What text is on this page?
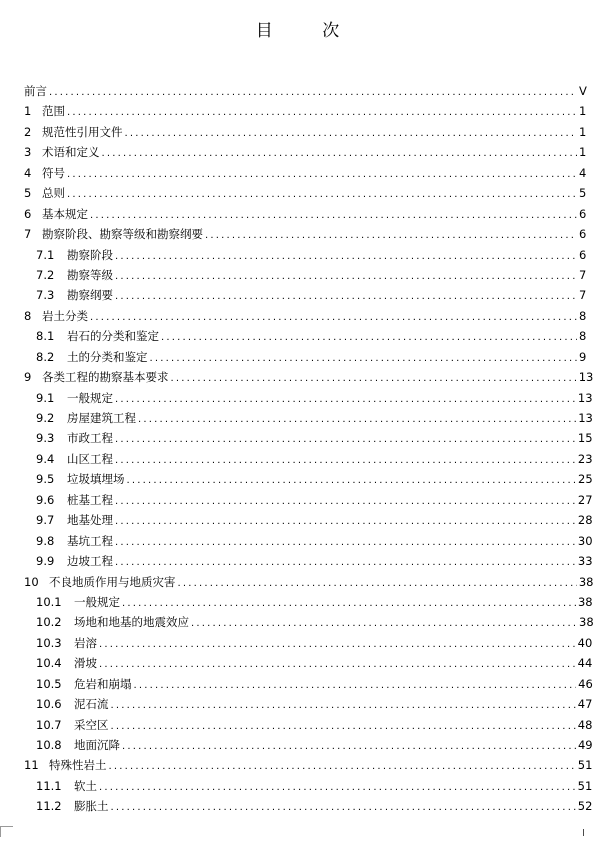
目 次
前言 .....	V
1 范围 .....	1
2 规范性引用文件 .....	1
3 术语和定义 .....	1
4 符号 .....	4
5 总则 .....	5
6 基本规定 .....	6
7 勘察阶段、勘察等级和勘察纲要 .....	6
7.1	勘察阶段 .....	6
7.2	勘察等级 .....	7
7.3	勘察纲要 .....	7
8 岩土分类 .....	8
8.1	岩石的分类和鉴定 .....	8
8.2	土的分类和鉴定 .....	9
9 各类工程的勘察基本要求 .....	13
9.1	一般规定 .....	13
9.2	房屋建筑工程 .....	13
9.3	市政工程 .....	15
9.4	山区工程 .....	23
9.5	垃圾填埋场 .....	25
9.6	桩基工程 .....	27
9.7	地基处理 .....	28
9.8	基坑工程 .....	30
9.9	边坡工程 .....	33
10 不良地质作用与地质灾害 .....	38
10.1	一般规定 .....	38
10.2	场地和地基的地震效应 .....	38
10.3	岩溶 .....	40
10.4	滑坡 .....	44
10.5	危岩和崩塌 .....	46
10.6	泥石流 .....	47
10.7	采空区 .....	48
10.8	地面沉降 .....	49
11 特殊性岩土 .....	51
11.1	软土 .....	51
11.2	膨胀土 .....	52
I
